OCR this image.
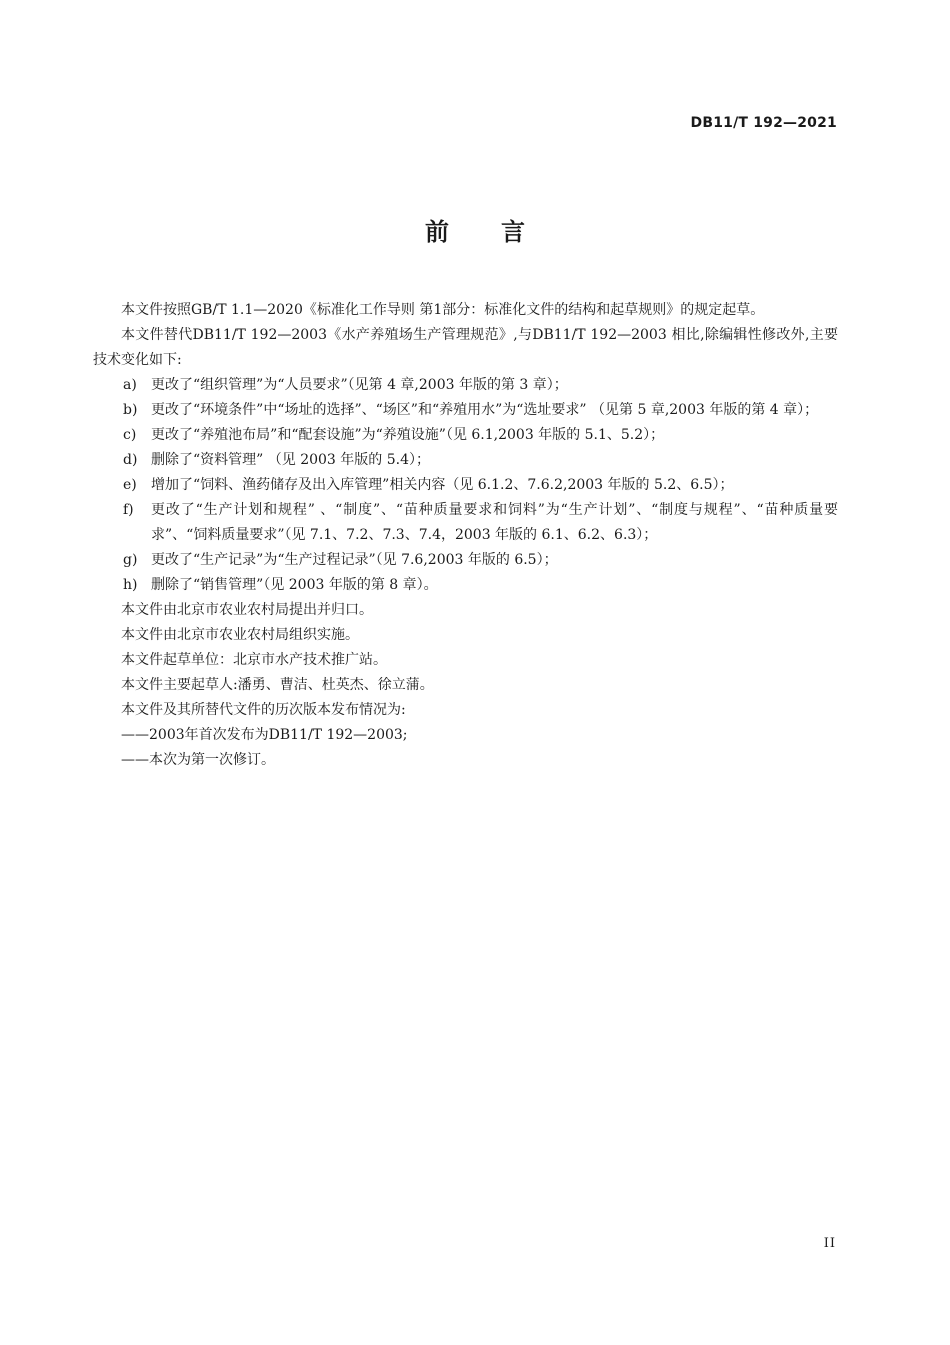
DB11/T 192—2021
前 言

本文件按照GB/T 1.1—2020《标准化工作导则 第1部分：标准化文件的结构和起草规则》的规定起草。

本文件替代DB11/T 192—2003《水产养殖场生产管理规范》,与DB11/T 192—2003 相比,除编辑性修改外,主要技术变化如下:

a) 更改了“组织管理”为“人员要求”（见第 4 章,2003 年版的第 3 章）；
b) 更改了“环境条件”中“场址的选择”、“场区”和“养殖用水”为“选址要求” （见第 5 章,2003 年版的第 4 章）；
c) 更改了“养殖池布局”和“配套设施”为“养殖设施”（见 6.1,2003 年版的 5.1、5.2）；
d) 删除了“资料管理” （见 2003 年版的 5.4）；
e) 增加了“饲料、渔药储存及出入库管理”相关内容（见 6.1.2、7.6.2,2003 年版的 5.2、6.5）；
f) 更改了“生产计划和规程” 、“制度”、“苗种质量要求和饲料”为“生产计划”、“制度与规程”、“苗种质量要求”、“饲料质量要求”（见 7.1、7.2、7.3、7.4，2003 年版的 6.1、6.2、6.3）；
g) 更改了“生产记录”为“生产过程记录”（见 7.6,2003 年版的 6.5）；
h) 删除了“销售管理”（见 2003 年版的第 8 章）。

本文件由北京市农业农村局提出并归口。

本文件由北京市农业农村局组织实施。

本文件起草单位：北京市水产技术推广站。

本文件主要起草人:潘勇、曹洁、杜英杰、徐立蒲。

本文件及其所替代文件的历次版本发布情况为:

——2003年首次发布为DB11/T 192—2003;

——本次为第一次修订。

II
